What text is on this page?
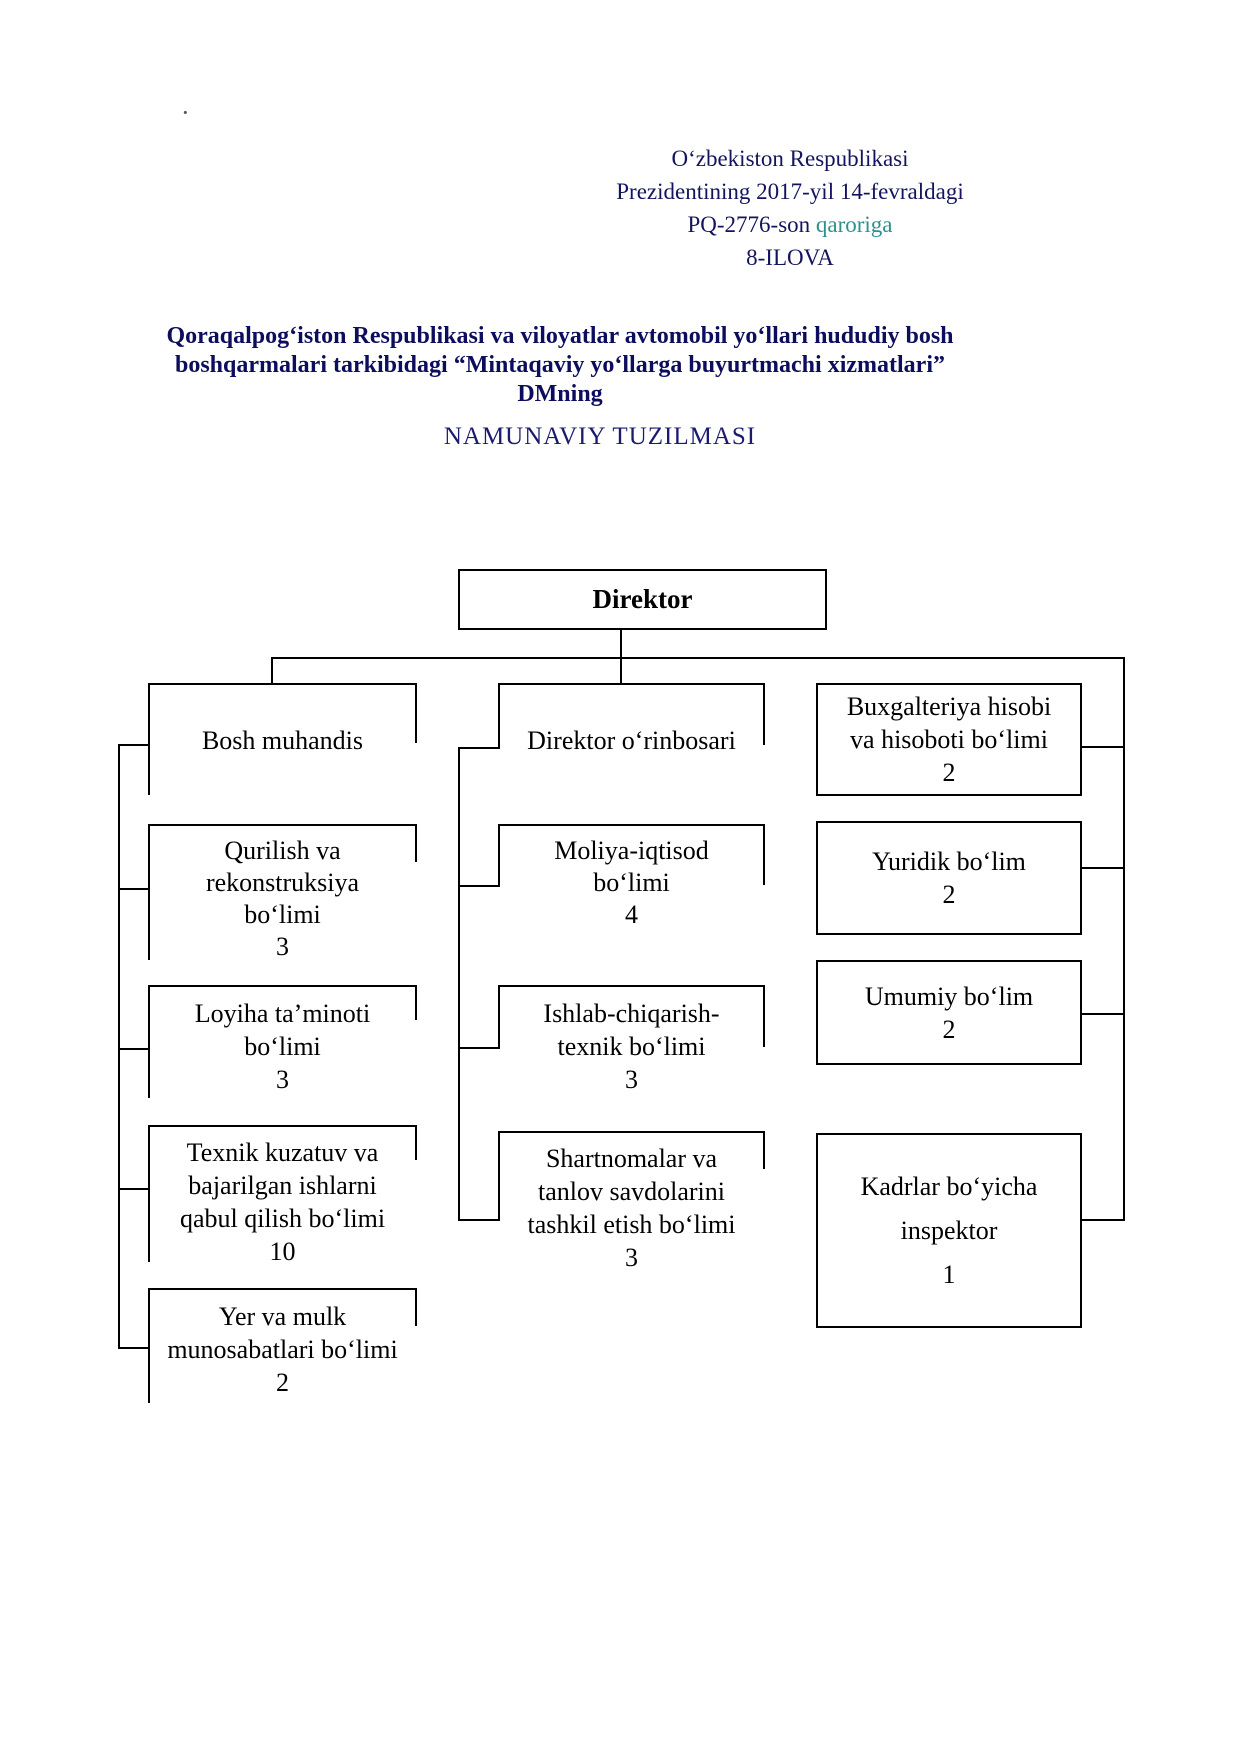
·
O‘zbekiston Respublikasi
Prezidentining 2017-yil 14-fevraldagi
PQ-2776-son qaroriga
8-ILOVA
Qoraqalpog‘iston Respublikasi va viloyatlar avtomobil yo‘llari hududiy bosh
boshqarmalari tarkibidagi “Mintaqaviy yo‘llarga buyurtmachi xizmatlari”
DMning
NAMUNAVIY TUZILMASI
Direktor
Bosh muhandis	Direktor o‘rinbosari
Buxgalteriya hisobi
va hisoboti bo‘limi
2
Qurilish va
rekonstruksiya
bo‘limi
3
Moliya-iqtisod
bo‘limi
4
Yuridik bo‘lim
2
Loyiha ta’minoti
bo‘limi
3
Ishlab-chiqarish-
texnik bo‘limi
3
Umumiy bo‘lim
2
Texnik kuzatuv va
bajarilgan ishlarni
qabul qilish bo‘limi
10
Shartnomalar va
tanlov savdolarini
tashkil etish bo‘limi
3
Kadrlar bo‘yicha
inspektor
1
Yer va mulk
munosabatlari bo‘limi
2
